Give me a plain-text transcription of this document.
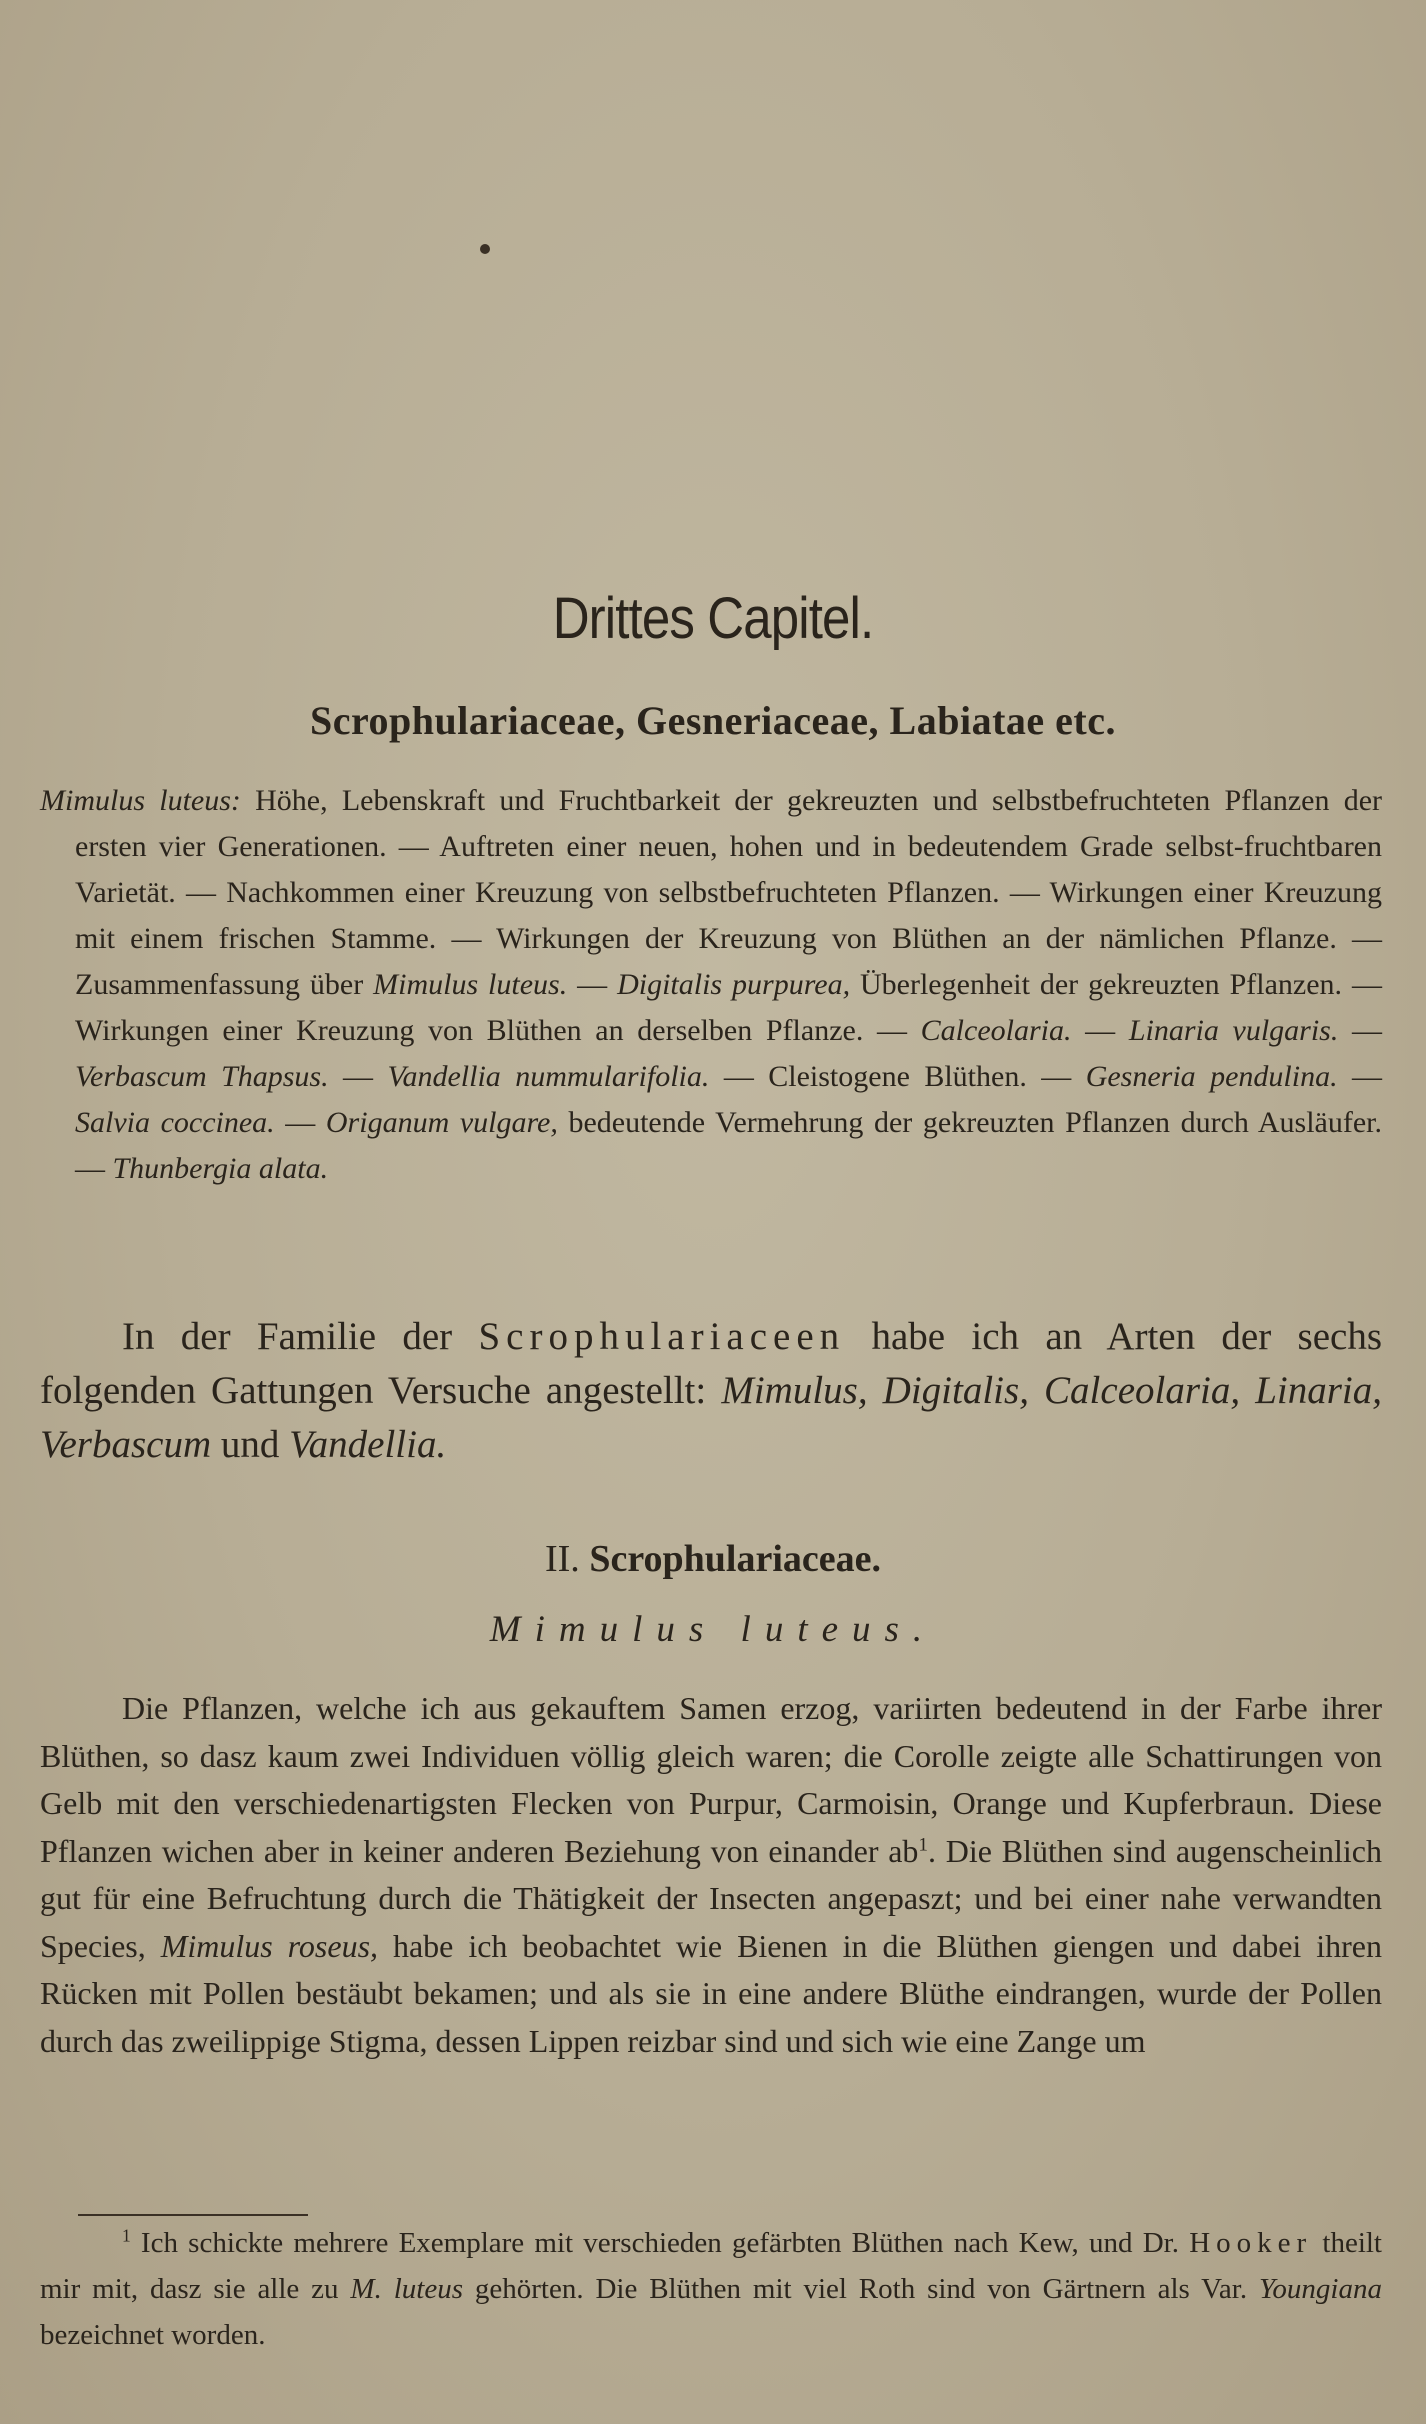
Drittes Capitel.
Scrophulariaceae, Gesneriaceae, Labiatae etc.

Mimulus luteus: Höhe, Lebenskraft und Fruchtbarkeit der gekreuzten und selbstbefruchteten Pflanzen der ersten vier Generationen. — Auftreten einer neuen, hohen und in bedeutendem Grade selbst-fruchtbaren Varietät. — Nachkommen einer Kreuzung von selbstbefruchteten Pflanzen. — Wirkungen einer Kreuzung mit einem frischen Stamme. — Wirkungen der Kreuzung von Blüthen an der nämlichen Pflanze. — Zusammenfassung über Mimulus luteus. — Digitalis purpurea, Überlegenheit der gekreuzten Pflanzen. — Wirkungen einer Kreuzung von Blüthen an derselben Pflanze. — Calceolaria. — Linaria vulgaris. — Verbascum Thapsus. — Vandellia nummularifolia. — Cleistogene Blüthen. — Gesneria pendulina. — Salvia coccinea. — Origanum vulgare, bedeutende Vermehrung der gekreuzten Pflanzen durch Ausläufer. — Thunbergia alata.

In der Familie der Scrophulariaceen habe ich an Arten der sechs folgenden Gattungen Versuche angestellt: Mimulus, Digitalis, Calceolaria, Linaria, Verbascum und Vandellia.

II. Scrophulariaceae.
Mimulus luteus.

Die Pflanzen, welche ich aus gekauftem Samen erzog, variirten bedeutend in der Farbe ihrer Blüthen, so dasz kaum zwei Individuen völlig gleich waren; die Corolle zeigte alle Schattirungen von Gelb mit den verschiedenartigsten Flecken von Purpur, Carmoisin, Orange und Kupferbraun. Diese Pflanzen wichen aber in keiner anderen Beziehung von einander $ab^1$. Die Blüthen sind augenscheinlich gut für eine Befruchtung durch die Thätigkeit der Insecten angepaszt; und bei einer nahe verwandten Species, Mimulus roseus, habe ich beobachtet wie Bienen in die Blüthen giengen und dabei ihren Rücken mit Pollen bestäubt bekamen; und als sie in eine andere Blüthe eindrangen, wurde der Pollen durch das zweilippige Stigma, dessen Lippen reizbar sind und sich wie eine Zange um

$^1$ Ich schickte mehrere Exemplare mit verschieden gefärbten Blüthen nach Kew, und Dr. Hooker theilt mir mit, dasz sie alle zu M. luteus gehörten. Die Blüthen mit viel Roth sind von Gärtnern als Var. Youngiana bezeichnet worden.
